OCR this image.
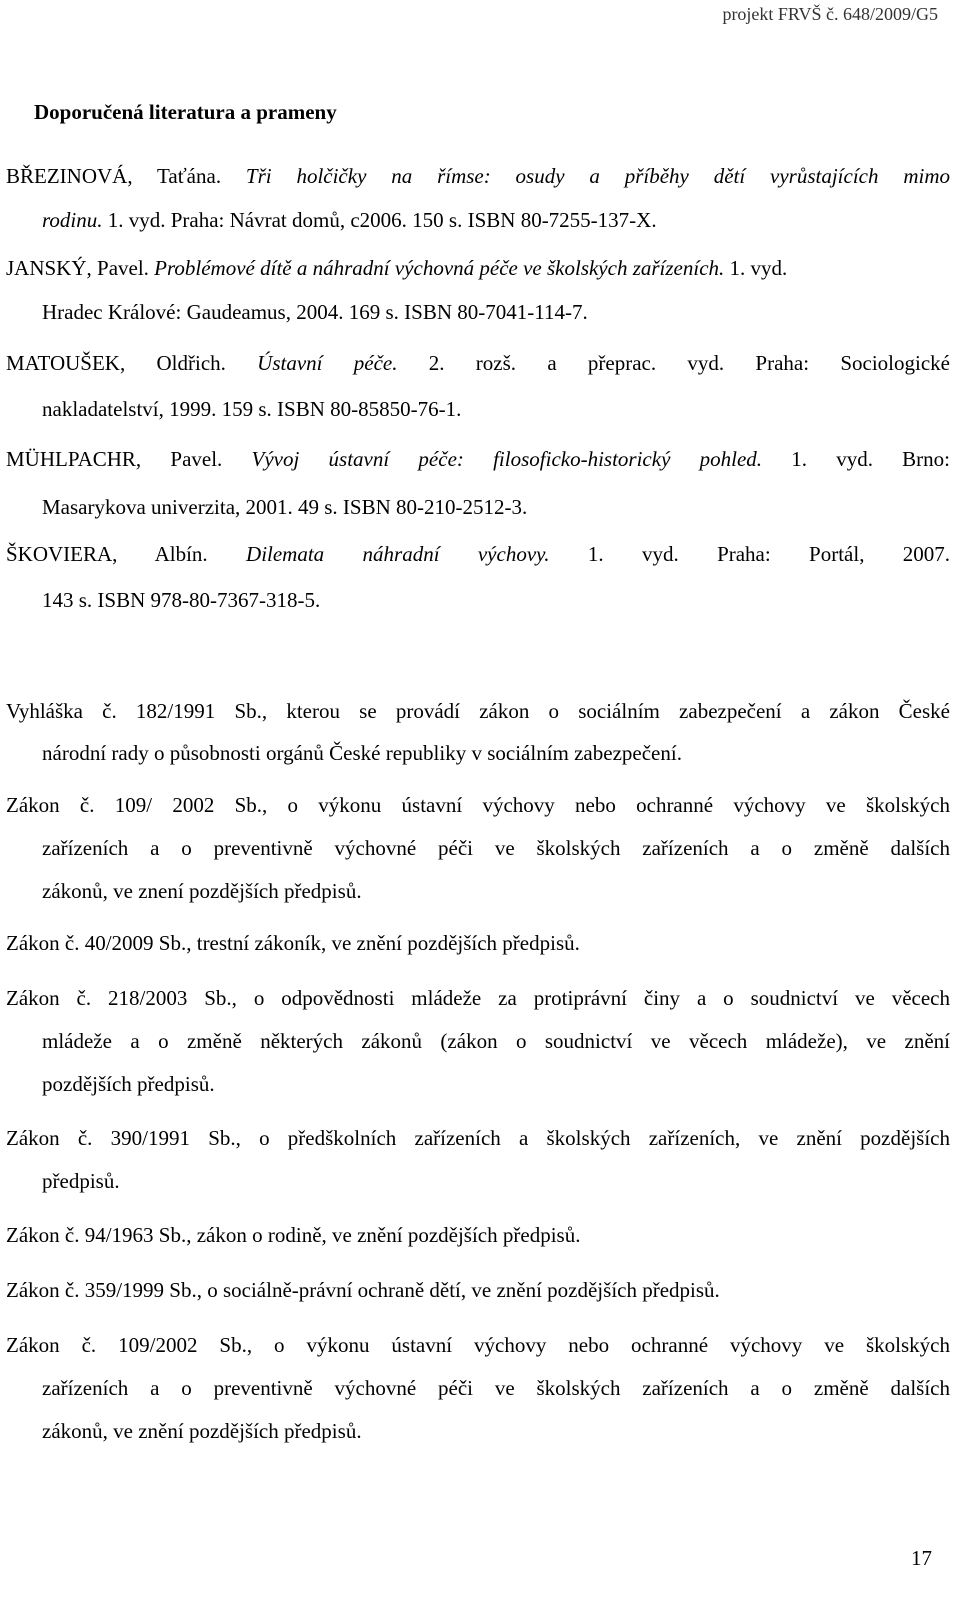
projekt FRVŠ č. 648/2009/G5
Doporučená literatura a prameny
BŘEZINOVÁ, Taťána. Tři holčičky na římse: osudy a příběhy dětí vyrůstajících mimo
rodinu. 1. vyd. Praha: Návrat domů, c2006. 150 s. ISBN 80-7255-137-X.
JANSKÝ, Pavel. Problémové dítě a náhradní výchovná péče ve školských zařízeních. 1. vyd.
Hradec Králové: Gaudeamus, 2004. 169 s. ISBN 80-7041-114-7.
MATOUŠEK, Oldřich. Ústavní péče. 2. rozš. a přeprac. vyd. Praha: Sociologické
nakladatelství, 1999. 159 s. ISBN 80-85850-76-1.
MÜHLPACHR, Pavel. Vývoj ústavní péče: filosoficko-historický pohled. 1. vyd. Brno:
Masarykova univerzita, 2001. 49 s. ISBN 80-210-2512-3.
ŠKOVIERA, Albín. Dilemata náhradní výchovy. 1. vyd. Praha: Portál, 2007.
143 s. ISBN 978-80-7367-318-5.
Vyhláška č. 182/1991 Sb., kterou se provádí zákon o sociálním zabezpečení a zákon České
národní rady o působnosti orgánů České republiky v sociálním zabezpečení.
Zákon č. 109/ 2002 Sb., o výkonu ústavní výchovy nebo ochranné výchovy ve školských
zařízeních a o preventivně výchovné péči ve školských zařízeních a o změně dalších
zákonů, ve znení pozdějších předpisů.
Zákon č. 40/2009 Sb., trestní zákoník, ve znění pozdějších předpisů.
Zákon č. 218/2003 Sb., o odpovědnosti mládeže za protiprávní činy a o soudnictví ve věcech
mládeže a o změně některých zákonů (zákon o soudnictví ve věcech mládeže), ve znění
pozdějších předpisů.
Zákon č. 390/1991 Sb., o předškolních zařízeních a školských zařízeních, ve znění pozdějších
předpisů.
Zákon č. 94/1963 Sb., zákon o rodině, ve znění pozdějších předpisů.
Zákon č. 359/1999 Sb., o sociálně-právní ochraně dětí, ve znění pozdějších předpisů.
Zákon č. 109/2002 Sb., o výkonu ústavní výchovy nebo ochranné výchovy ve školských
zařízeních a o preventivně výchovné péči ve školských zařízeních a o změně dalších
zákonů, ve znění pozdějších předpisů.
17
